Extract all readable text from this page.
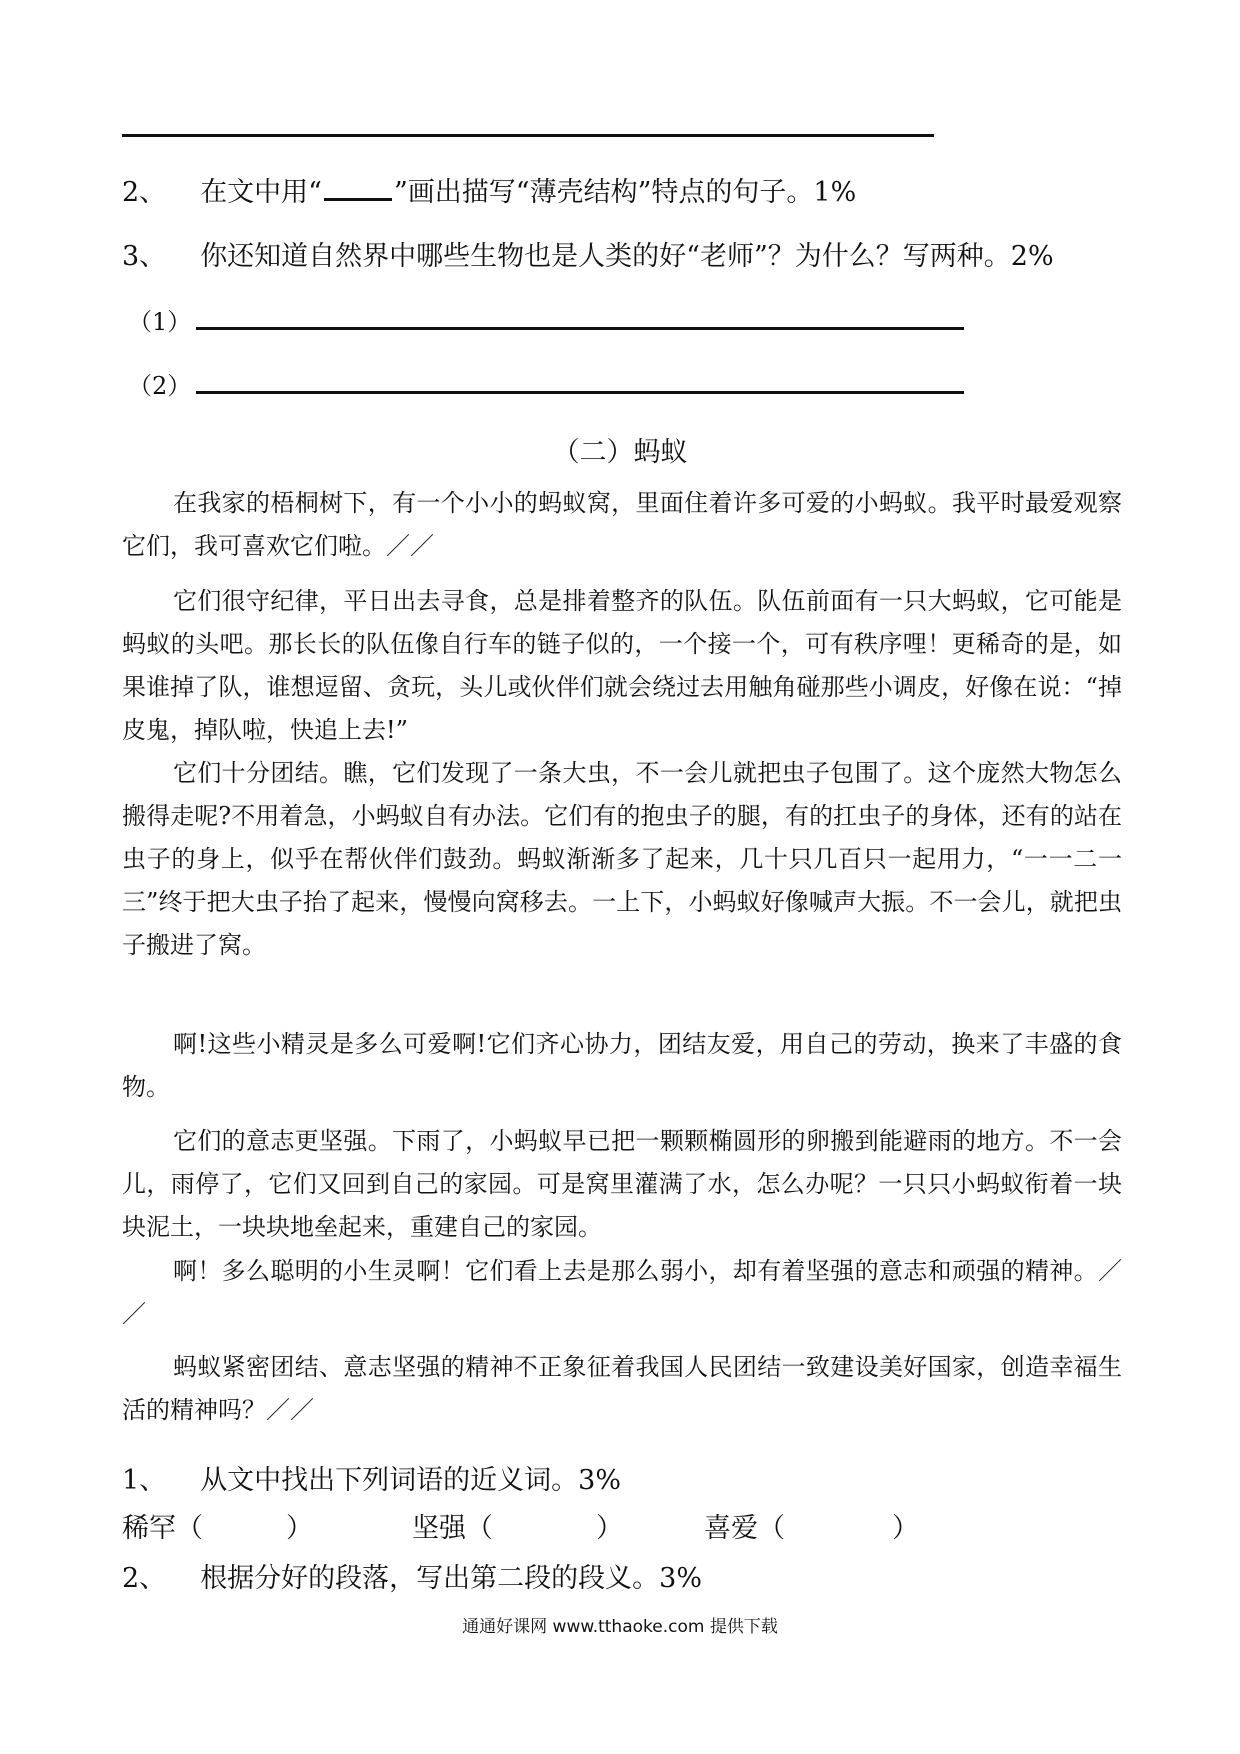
2、 在文中用“	”画出描写“薄壳结构”特点的句子。1%
3、 你还知道自然界中哪些生物也是人类的好“老师”？为什么？写两种。2%
（1）
（2）
（二）蚂蚁

在我家的梧桐树下，有一个小小的蚂蚁窝，里面住着许多可爱的小蚂蚁。我平时最爱观察它们，我可喜欢它们啦。／／

它们很守纪律，平日出去寻食，总是排着整齐的队伍。队伍前面有一只大蚂蚁，它可能是蚂蚁的头吧。那长长的队伍像自行车的链子似的，一个接一个，可有秩序哩！更稀奇的是，如果谁掉了队，谁想逗留、贪玩，头儿或伙伴们就会绕过去用触角碰那些小调皮，好像在说：“掉皮鬼，掉队啦，快追上去!”

它们十分团结。瞧，它们发现了一条大虫，不一会儿就把虫子包围了。这个庞然大物怎么搬得走呢?不用着急，小蚂蚁自有办法。它们有的抱虫子的腿，有的扛虫子的身体，还有的站在虫子的身上，似乎在帮伙伴们鼓劲。蚂蚁渐渐多了起来，几十只几百只一起用力，“一一二一三”终于把大虫子抬了起来，慢慢向窝移去。一上下，小蚂蚁好像喊声大振。不一会儿，就把虫子搬进了窝。

啊!这些小精灵是多么可爱啊!它们齐心协力，团结友爱，用自己的劳动，换来了丰盛的食物。

它们的意志更坚强。下雨了，小蚂蚁早已把一颗颗椭圆形的卵搬到能避雨的地方。不一会儿，雨停了，它们又回到自己的家园。可是窝里灌满了水，怎么办呢？一只只小蚂蚁衔着一块块泥土，一块块地垒起来，重建自己的家园。

啊！多么聪明的小生灵啊！它们看上去是那么弱小，却有着坚强的意志和顽强的精神。／／

蚂蚁紧密团结、意志坚强的精神不正象征着我国人民团结一致建设美好国家，创造幸福生活的精神吗？／／

1、 从文中找出下列词语的近义词。3%
稀罕（	）	坚强（	）	喜爱（	）
2、 根据分好的段落，写出第二段的段义。3%
通通好课网 www.tthaoke.com 提供下载
